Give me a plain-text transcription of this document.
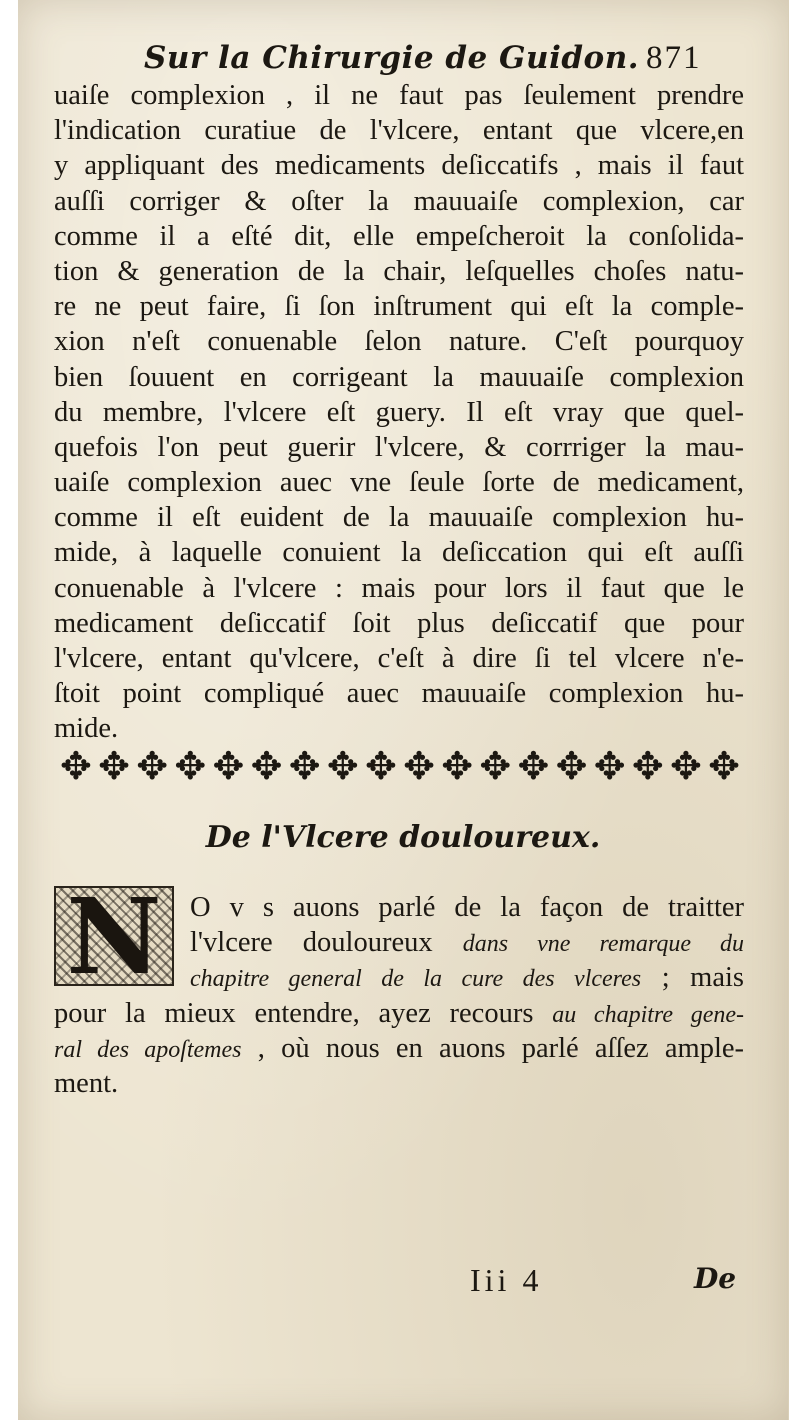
Sur la Chirurgie de Guidon. 871
uaiſe complexion , il ne faut pas ſeulement prendre
l'indication curatiue de l'vlcere, entant que vlcere,en
y appliquant des medicaments deſiccatifs , mais il faut
auſſi corriger & oſter la mauuaiſe complexion, car
comme il a eſté dit, elle empeſcheroit la conſolida-
tion & generation de la chair, leſquelles choſes natu-
re ne peut faire, ſi ſon inſtrument qui eſt la comple-
xion n'eſt conuenable ſelon nature. C'eſt pourquoy
bien ſouuent en corrigeant la mauuaiſe complexion
du membre, l'vlcere eſt guery. Il eſt vray que quel-
quefois l'on peut guerir l'vlcere, & corrriger la mau-
uaiſe complexion auec vne ſeule ſorte de medicament,
comme il eſt euident de la mauuaiſe complexion hu-
mide, à laquelle conuient la deſiccation qui eſt auſſi
conuenable à l'vlcere : mais pour lors il faut que le
medicament deſiccatif ſoit plus deſiccatif que pour
l'vlcere, entant qu'vlcere, c'eſt à dire ſi tel vlcere n'e-
ſtoit point compliqué auec mauuaiſe complexion hu-
mide.
✥ ✥ ✥ ✥ ✥ ✥ ✥ ✥ ✥ ✥ ✥ ✥ ✥ ✥ ✥ ✥ ✥ ✥
De l'Vlcere douloureux.
N O v s auons parlé de la façon de traitter
l'vlcere douloureux dans vne remarque du
chapitre general de la cure des vlceres ; mais
pour la mieux entendre, ayez recours au chapitre gene-
ral des apoſtemes , où nous en auons parlé aſſez ample-
ment.
Iii 4	De
